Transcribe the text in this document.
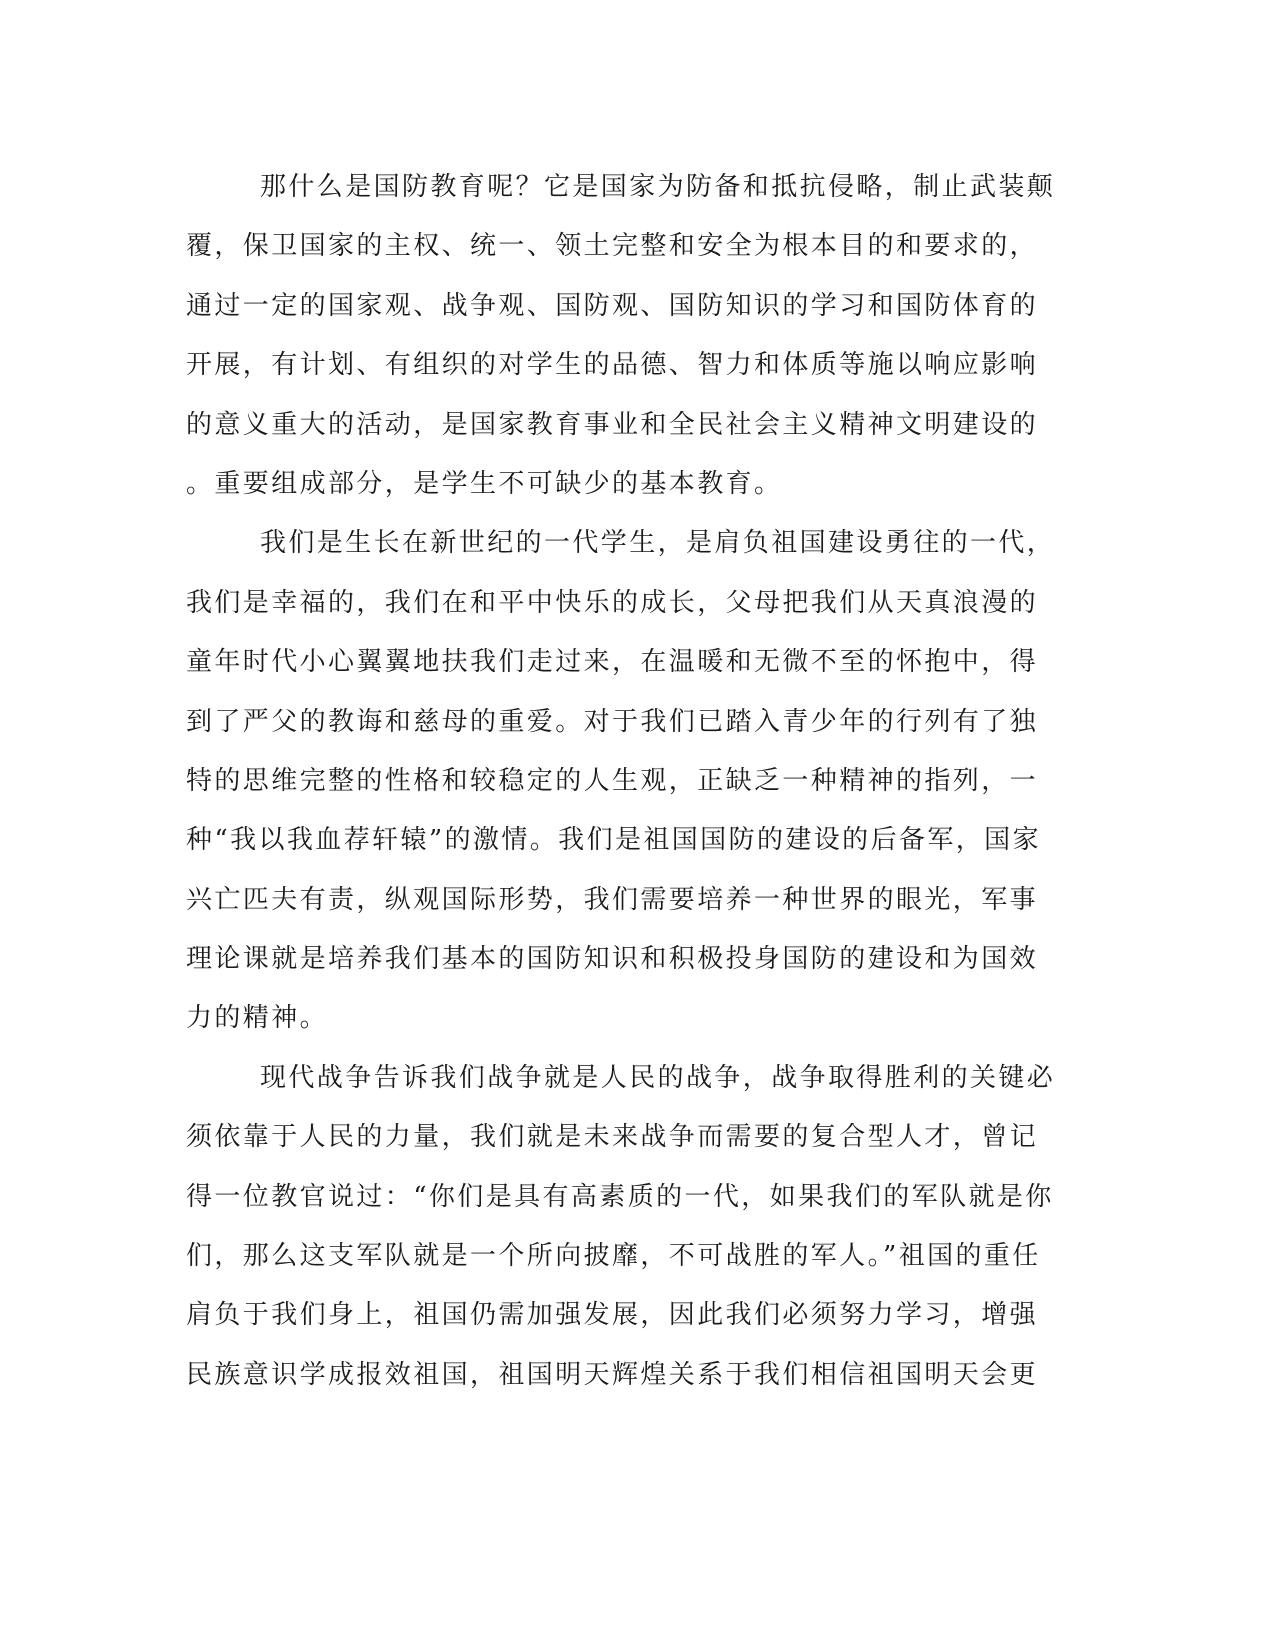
那什么是国防教育呢？它是国家为防备和抵抗侵略，制止武装颠
覆，保卫国家的主权、统一、领土完整和安全为根本目的和要求的，
通过一定的国家观、战争观、国防观、国防知识的学习和国防体育的
开展，有计划、有组织的对学生的品德、智力和体质等施以响应影响
的意义重大的活动，是国家教育事业和全民社会主义精神文明建设的
。重要组成部分，是学生不可缺少的基本教育。
我们是生长在新世纪的一代学生，是肩负祖国建设勇往的一代，
我们是幸福的，我们在和平中快乐的成长，父母把我们从天真浪漫的
童年时代小心翼翼地扶我们走过来，在温暖和无微不至的怀抱中，得
到了严父的教诲和慈母的重爱。对于我们已踏入青少年的行列有了独
特的思维完整的性格和较稳定的人生观，正缺乏一种精神的指列，一
种“我以我血荐轩辕”的激情。我们是祖国国防的建设的后备军，国家
兴亡匹夫有责，纵观国际形势，我们需要培养一种世界的眼光，军事
理论课就是培养我们基本的国防知识和积极投身国防的建设和为国效
力的精神。
现代战争告诉我们战争就是人民的战争，战争取得胜利的关键必
须依靠于人民的力量，我们就是未来战争而需要的复合型人才，曾记
得一位教官说过：“你们是具有高素质的一代，如果我们的军队就是你
们，那么这支军队就是一个所向披靡，不可战胜的军人。”祖国的重任
肩负于我们身上，祖国仍需加强发展，因此我们必须努力学习，增强
民族意识学成报效祖国，祖国明天辉煌关系于我们相信祖国明天会更
